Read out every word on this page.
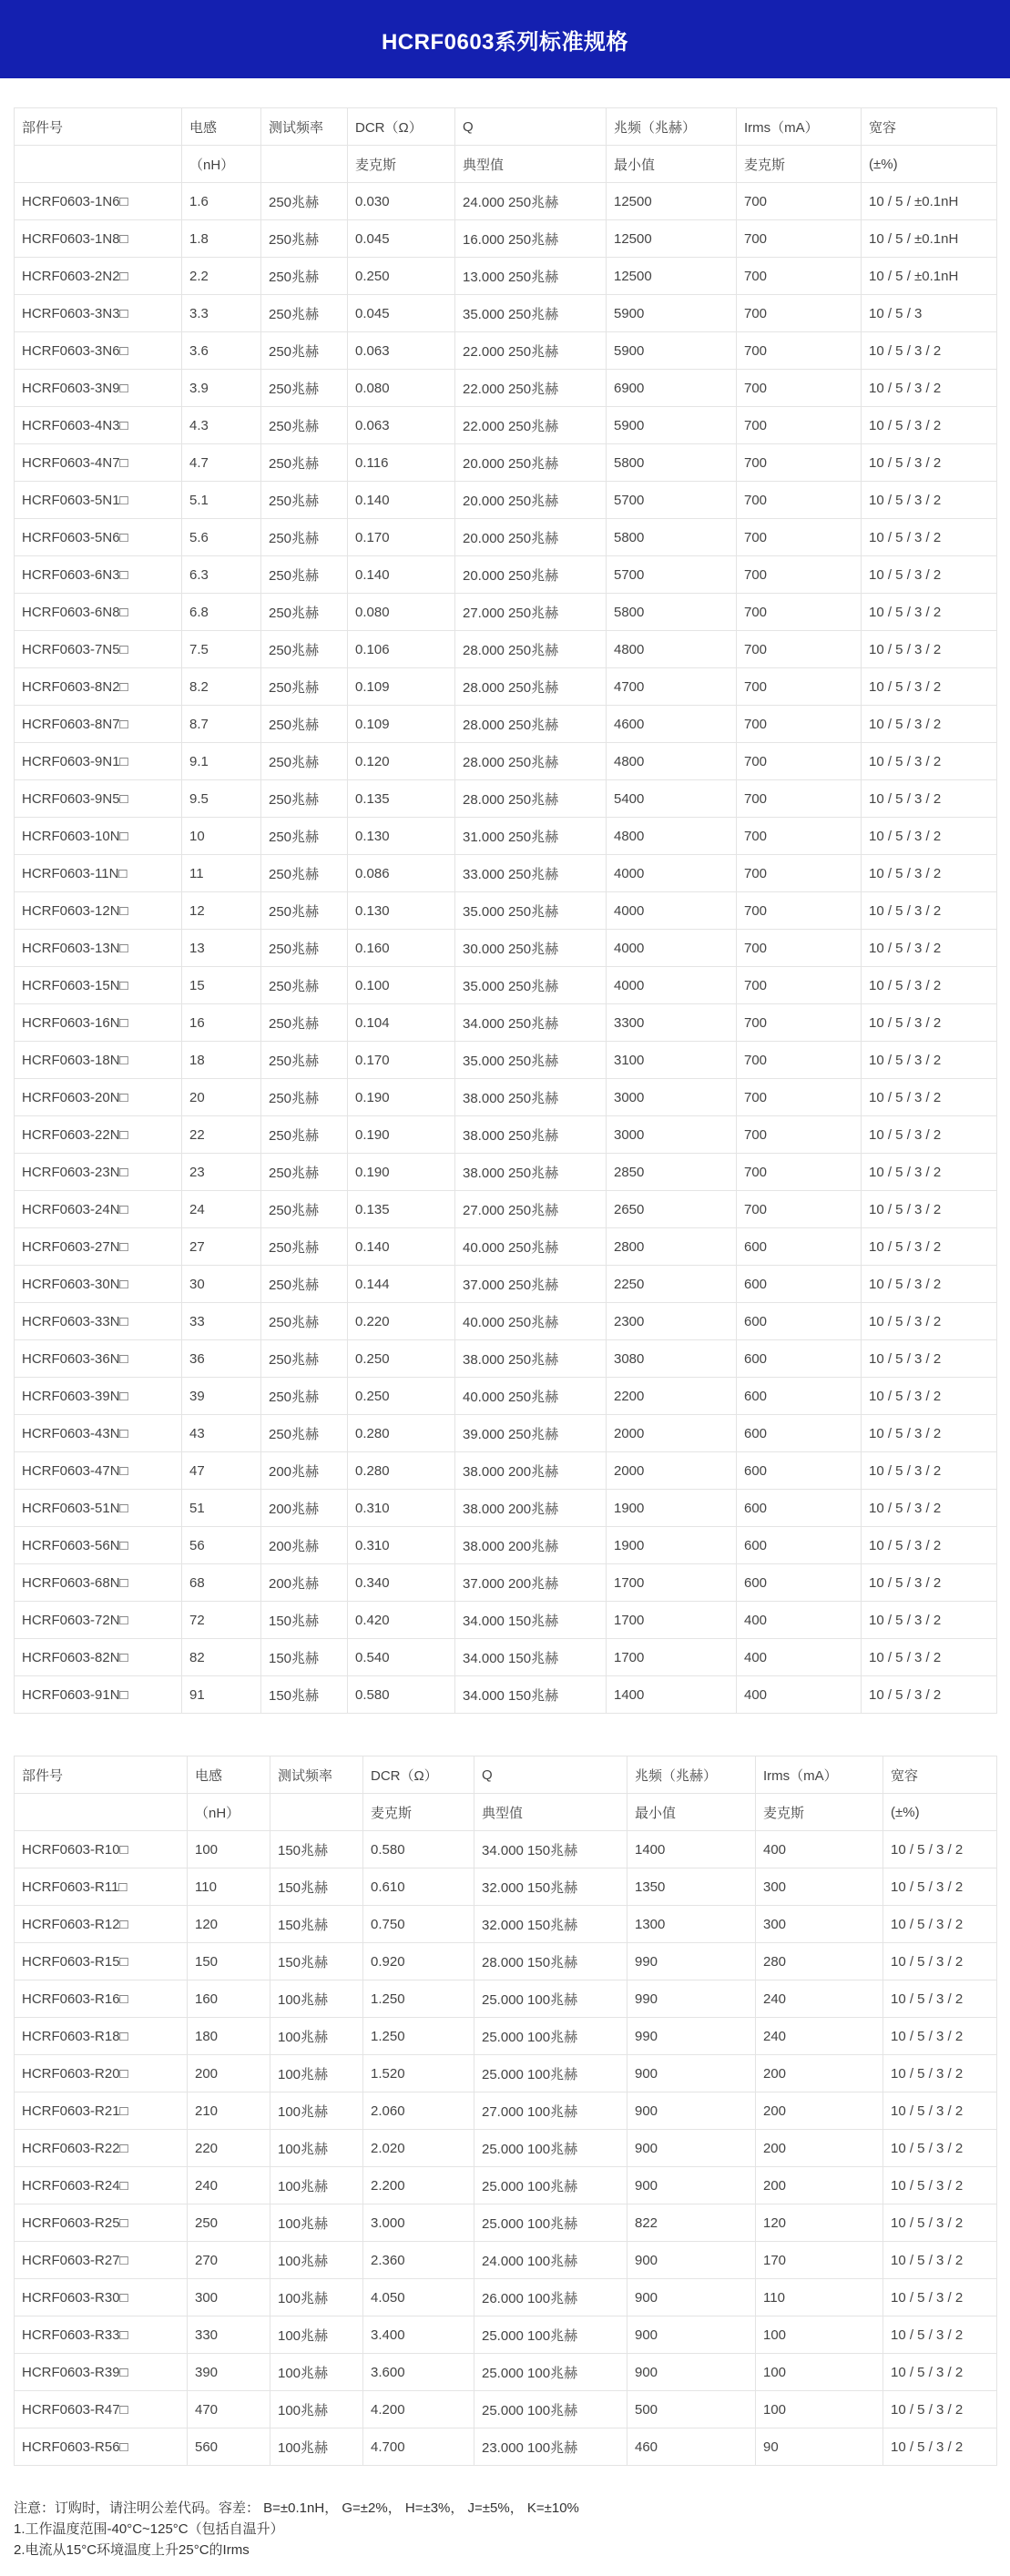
HCRF0603系列标准规格
部件号	电感	测试频率	DCR（Ω）	Q	兆频（兆赫）	Irms（mA）	宽容
	（nH）		麦克斯	典型值	最小值	麦克斯	(±%)
HCRF0603-1N6□	1.6	250兆赫	0.030	24.000 250兆赫	12500	700	10 / 5 / ±0.1nH
HCRF0603-1N8□	1.8	250兆赫	0.045	16.000 250兆赫	12500	700	10 / 5 / ±0.1nH
HCRF0603-2N2□	2.2	250兆赫	0.250	13.000 250兆赫	12500	700	10 / 5 / ±0.1nH
HCRF0603-3N3□	3.3	250兆赫	0.045	35.000 250兆赫	5900	700	10 / 5 / 3
HCRF0603-3N6□	3.6	250兆赫	0.063	22.000 250兆赫	5900	700	10 / 5 / 3 / 2
HCRF0603-3N9□	3.9	250兆赫	0.080	22.000 250兆赫	6900	700	10 / 5 / 3 / 2
HCRF0603-4N3□	4.3	250兆赫	0.063	22.000 250兆赫	5900	700	10 / 5 / 3 / 2
HCRF0603-4N7□	4.7	250兆赫	0.116	20.000 250兆赫	5800	700	10 / 5 / 3 / 2
HCRF0603-5N1□	5.1	250兆赫	0.140	20.000 250兆赫	5700	700	10 / 5 / 3 / 2
HCRF0603-5N6□	5.6	250兆赫	0.170	20.000 250兆赫	5800	700	10 / 5 / 3 / 2
HCRF0603-6N3□	6.3	250兆赫	0.140	20.000 250兆赫	5700	700	10 / 5 / 3 / 2
HCRF0603-6N8□	6.8	250兆赫	0.080	27.000 250兆赫	5800	700	10 / 5 / 3 / 2
HCRF0603-7N5□	7.5	250兆赫	0.106	28.000 250兆赫	4800	700	10 / 5 / 3 / 2
HCRF0603-8N2□	8.2	250兆赫	0.109	28.000 250兆赫	4700	700	10 / 5 / 3 / 2
HCRF0603-8N7□	8.7	250兆赫	0.109	28.000 250兆赫	4600	700	10 / 5 / 3 / 2
HCRF0603-9N1□	9.1	250兆赫	0.120	28.000 250兆赫	4800	700	10 / 5 / 3 / 2
HCRF0603-9N5□	9.5	250兆赫	0.135	28.000 250兆赫	5400	700	10 / 5 / 3 / 2
HCRF0603-10N□	10	250兆赫	0.130	31.000 250兆赫	4800	700	10 / 5 / 3 / 2
HCRF0603-11N□	11	250兆赫	0.086	33.000 250兆赫	4000	700	10 / 5 / 3 / 2
HCRF0603-12N□	12	250兆赫	0.130	35.000 250兆赫	4000	700	10 / 5 / 3 / 2
HCRF0603-13N□	13	250兆赫	0.160	30.000 250兆赫	4000	700	10 / 5 / 3 / 2
HCRF0603-15N□	15	250兆赫	0.100	35.000 250兆赫	4000	700	10 / 5 / 3 / 2
HCRF0603-16N□	16	250兆赫	0.104	34.000 250兆赫	3300	700	10 / 5 / 3 / 2
HCRF0603-18N□	18	250兆赫	0.170	35.000 250兆赫	3100	700	10 / 5 / 3 / 2
HCRF0603-20N□	20	250兆赫	0.190	38.000 250兆赫	3000	700	10 / 5 / 3 / 2
HCRF0603-22N□	22	250兆赫	0.190	38.000 250兆赫	3000	700	10 / 5 / 3 / 2
HCRF0603-23N□	23	250兆赫	0.190	38.000 250兆赫	2850	700	10 / 5 / 3 / 2
HCRF0603-24N□	24	250兆赫	0.135	27.000 250兆赫	2650	700	10 / 5 / 3 / 2
HCRF0603-27N□	27	250兆赫	0.140	40.000 250兆赫	2800	600	10 / 5 / 3 / 2
HCRF0603-30N□	30	250兆赫	0.144	37.000 250兆赫	2250	600	10 / 5 / 3 / 2
HCRF0603-33N□	33	250兆赫	0.220	40.000 250兆赫	2300	600	10 / 5 / 3 / 2
HCRF0603-36N□	36	250兆赫	0.250	38.000 250兆赫	3080	600	10 / 5 / 3 / 2
HCRF0603-39N□	39	250兆赫	0.250	40.000 250兆赫	2200	600	10 / 5 / 3 / 2
HCRF0603-43N□	43	250兆赫	0.280	39.000 250兆赫	2000	600	10 / 5 / 3 / 2
HCRF0603-47N□	47	200兆赫	0.280	38.000 200兆赫	2000	600	10 / 5 / 3 / 2
HCRF0603-51N□	51	200兆赫	0.310	38.000 200兆赫	1900	600	10 / 5 / 3 / 2
HCRF0603-56N□	56	200兆赫	0.310	38.000 200兆赫	1900	600	10 / 5 / 3 / 2
HCRF0603-68N□	68	200兆赫	0.340	37.000 200兆赫	1700	600	10 / 5 / 3 / 2
HCRF0603-72N□	72	150兆赫	0.420	34.000 150兆赫	1700	400	10 / 5 / 3 / 2
HCRF0603-82N□	82	150兆赫	0.540	34.000 150兆赫	1700	400	10 / 5 / 3 / 2
HCRF0603-91N□	91	150兆赫	0.580	34.000 150兆赫	1400	400	10 / 5 / 3 / 2
部件号	电感	测试频率	DCR（Ω）	Q	兆频（兆赫）	Irms（mA）	宽容
	（nH）		麦克斯	典型值	最小值	麦克斯	(±%)
HCRF0603-R10□	100	150兆赫	0.580	34.000 150兆赫	1400	400	10 / 5 / 3 / 2
HCRF0603-R11□	110	150兆赫	0.610	32.000 150兆赫	1350	300	10 / 5 / 3 / 2
HCRF0603-R12□	120	150兆赫	0.750	32.000 150兆赫	1300	300	10 / 5 / 3 / 2
HCRF0603-R15□	150	150兆赫	0.920	28.000 150兆赫	990	280	10 / 5 / 3 / 2
HCRF0603-R16□	160	100兆赫	1.250	25.000 100兆赫	990	240	10 / 5 / 3 / 2
HCRF0603-R18□	180	100兆赫	1.250	25.000 100兆赫	990	240	10 / 5 / 3 / 2
HCRF0603-R20□	200	100兆赫	1.520	25.000 100兆赫	900	200	10 / 5 / 3 / 2
HCRF0603-R21□	210	100兆赫	2.060	27.000 100兆赫	900	200	10 / 5 / 3 / 2
HCRF0603-R22□	220	100兆赫	2.020	25.000 100兆赫	900	200	10 / 5 / 3 / 2
HCRF0603-R24□	240	100兆赫	2.200	25.000 100兆赫	900	200	10 / 5 / 3 / 2
HCRF0603-R25□	250	100兆赫	3.000	25.000 100兆赫	822	120	10 / 5 / 3 / 2
HCRF0603-R27□	270	100兆赫	2.360	24.000 100兆赫	900	170	10 / 5 / 3 / 2
HCRF0603-R30□	300	100兆赫	4.050	26.000 100兆赫	900	110	10 / 5 / 3 / 2
HCRF0603-R33□	330	100兆赫	3.400	25.000 100兆赫	900	100	10 / 5 / 3 / 2
HCRF0603-R39□	390	100兆赫	3.600	25.000 100兆赫	900	100	10 / 5 / 3 / 2
HCRF0603-R47□	470	100兆赫	4.200	25.000 100兆赫	500	100	10 / 5 / 3 / 2
HCRF0603-R56□	560	100兆赫	4.700	23.000 100兆赫	460	90	10 / 5 / 3 / 2
注意：订购时，请注明公差代码。容差： B=±0.1nH， G=±2%， H=±3%， J=±5%， K=±10%
1.工作温度范围-40°C~125°C（包括自温升）
2.电流从15°C环境温度上升25°C的Irms
